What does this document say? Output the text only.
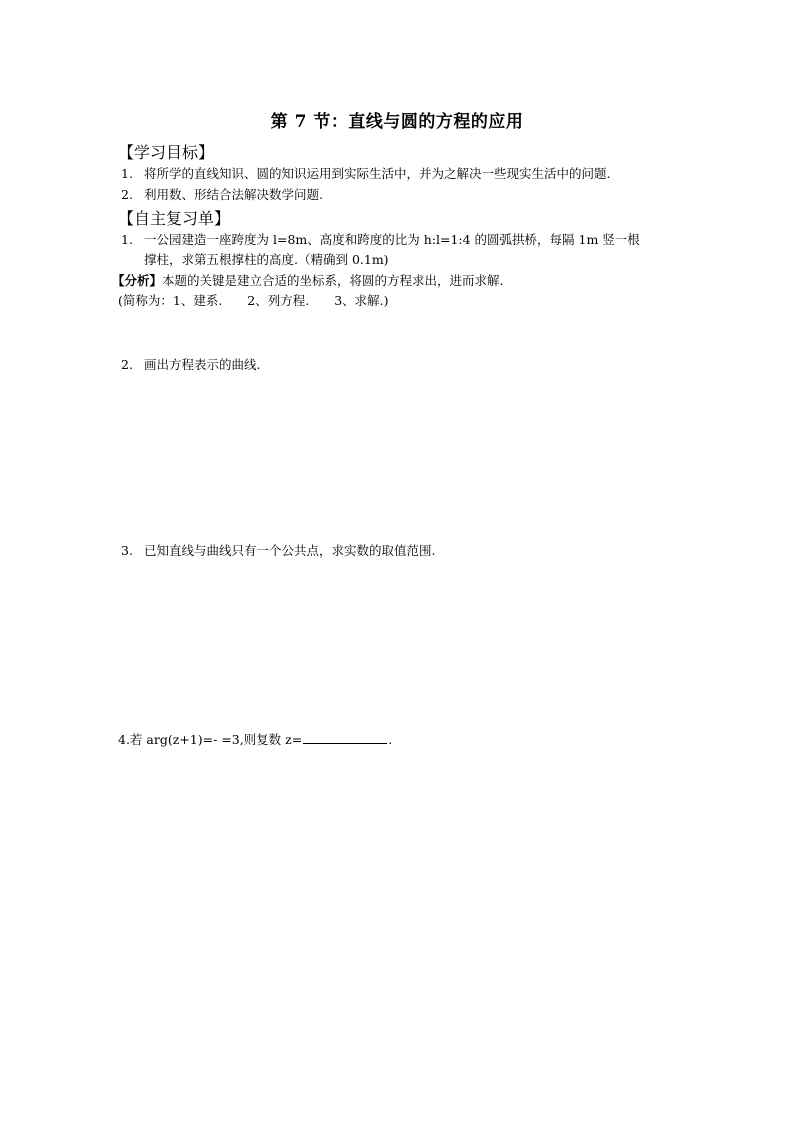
第 7 节：直线与圆的方程的应用
【学习目标】
1. 将所学的直线知识、圆的知识运用到实际生活中，并为之解决一些现实生活中的问题.
2. 利用数、形结合法解决数学问题.
【自主复习单】
1. 一公园建造一座跨度为 l=8m、高度和跨度的比为 h:l=1:4 的圆弧拱桥，每隔 1m 竖一根
撑柱，求第五根撑柱的高度.（精确到 0.1m)
【分析】本题的关键是建立合适的坐标系，将圆的方程求出，进而求解.
(简称为：1、建系.　　2、列方程.　　3、求解.)
2. 画出方程表示的曲线.
3. 已知直线与曲线只有一个公共点，求实数的取值范围.
4.若 arg(z+1)=- =3,则复数 z=	.
